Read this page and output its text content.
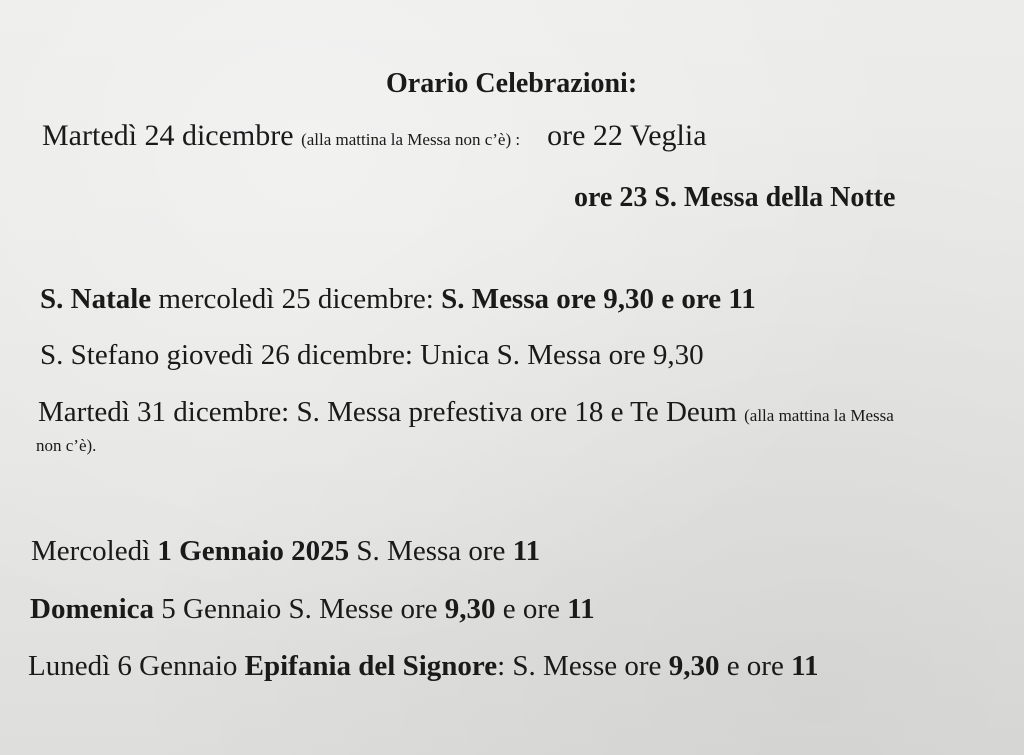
Orario Celebrazioni:
Martedì 24 dicembre (alla mattina la Messa non c’è) : ore 22 Veglia
ore 23 S. Messa della Notte
S. Natale mercoledì 25 dicembre: S. Messa ore 9,30 e ore 11
S. Stefano giovedì 26 dicembre: Unica S. Messa ore 9,30
Martedì 31 dicembre: S. Messa prefestiva ore 18 e Te Deum (alla mattina la Messa
non c’è).
Mercoledì 1 Gennaio 2025 S. Messa ore 11
Domenica 5 Gennaio S. Messe ore 9,30 e ore 11
Lunedì 6 Gennaio Epifania del Signore: S. Messe ore 9,30 e ore 11
